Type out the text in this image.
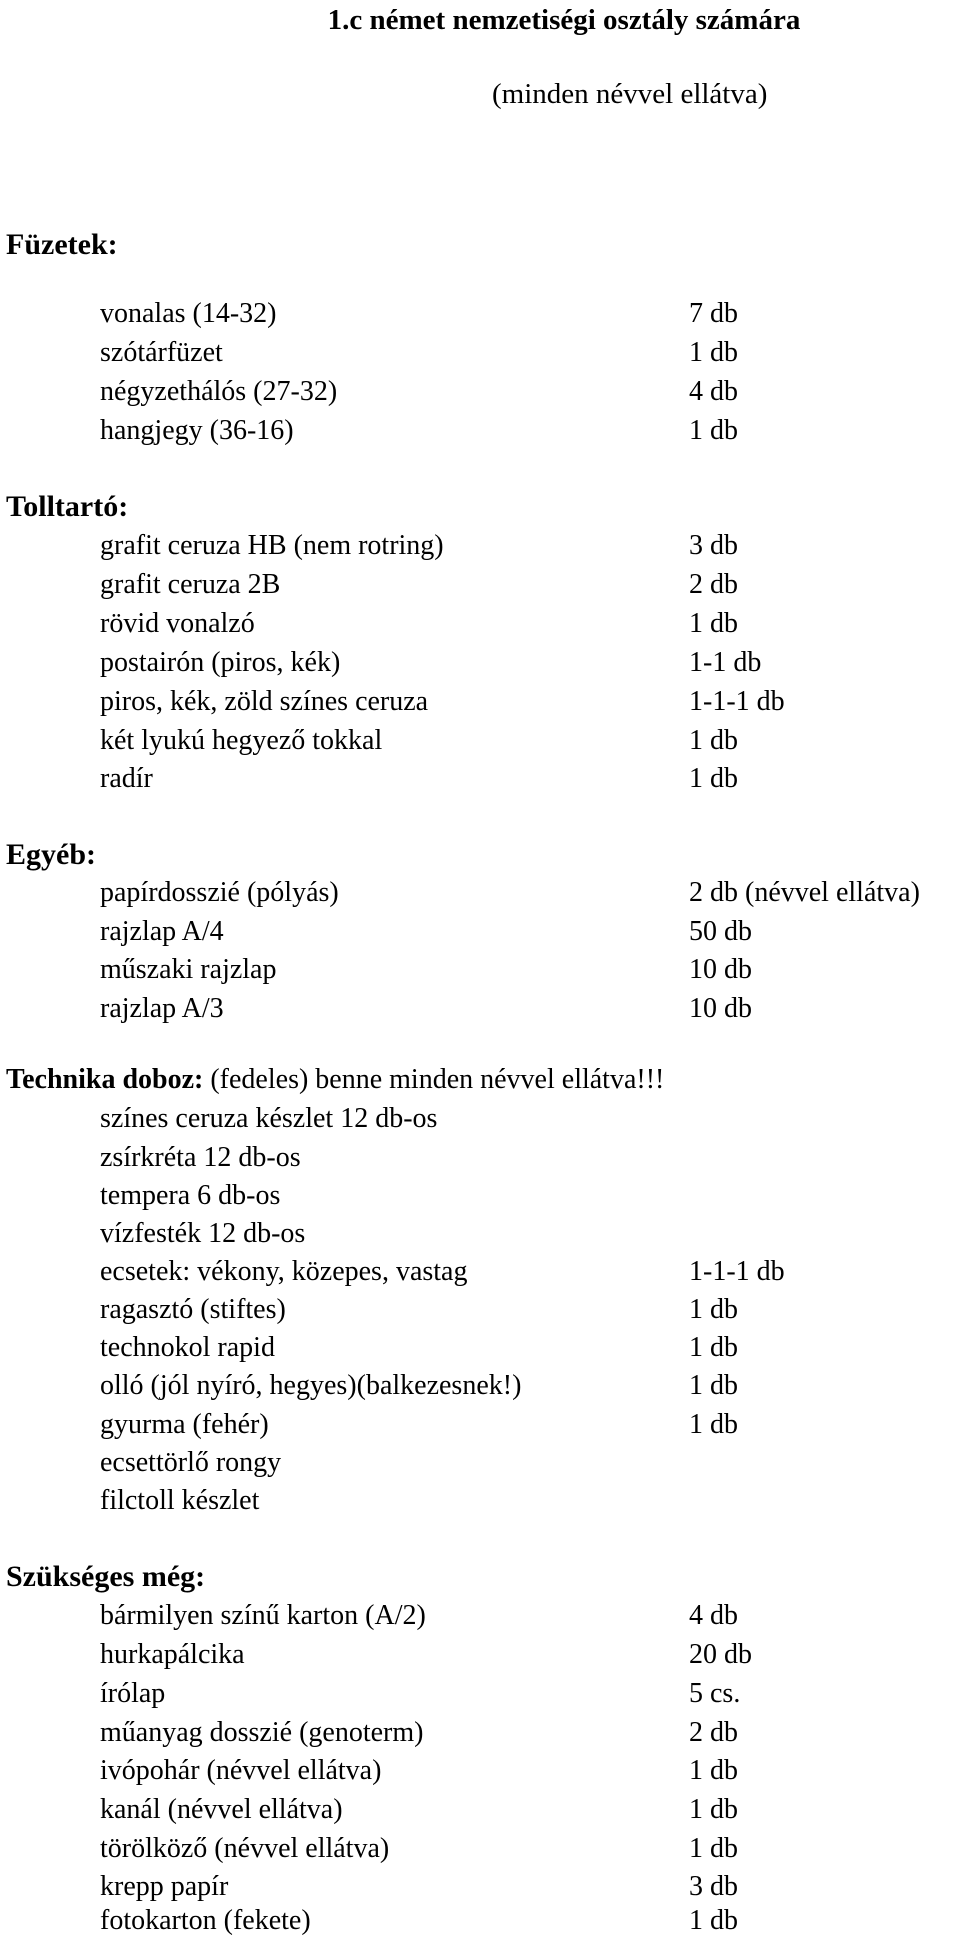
1.c német nemzetiségi osztály számára
(minden névvel ellátva)
Füzetek:
vonalas (14-32)	7 db
szótárfüzet	1 db
négyzethálós (27-32)	4 db
hangjegy (36-16)	1 db
Tolltartó:
grafit ceruza HB (nem rotring)	3 db
grafit ceruza 2B	2 db
rövid vonalzó	1 db
postairón (piros, kék)	1-1 db
piros, kék, zöld színes ceruza	1-1-1 db
két lyukú hegyező tokkal	1 db
radír	1 db
Egyéb:
papírdosszié (pólyás)	2 db (névvel ellátva)
rajzlap A/4	50 db
műszaki rajzlap	10 db
rajzlap A/3	10 db
Technika doboz: (fedeles) benne minden névvel ellátva!!!
színes ceruza készlet 12 db-os
zsírkréta 12 db-os
tempera 6 db-os
vízfesték 12 db-os
ecsetek: vékony, közepes, vastag	1-1-1 db
ragasztó (stiftes)	1 db
technokol rapid	1 db
olló (jól nyíró, hegyes)(balkezesnek!)	1 db
gyurma (fehér)	1 db
ecsettörlő rongy
filctoll készlet
Szükséges még:
bármilyen színű karton (A/2)	4 db
hurkapálcika	20 db
írólap	5 cs.
műanyag dosszié (genoterm)	2 db
ivópohár (névvel ellátva)	1 db
kanál (névvel ellátva)	1 db
törölköző (névvel ellátva)	1 db
krepp papír	3 db
fotokarton (fekete)	1 db
